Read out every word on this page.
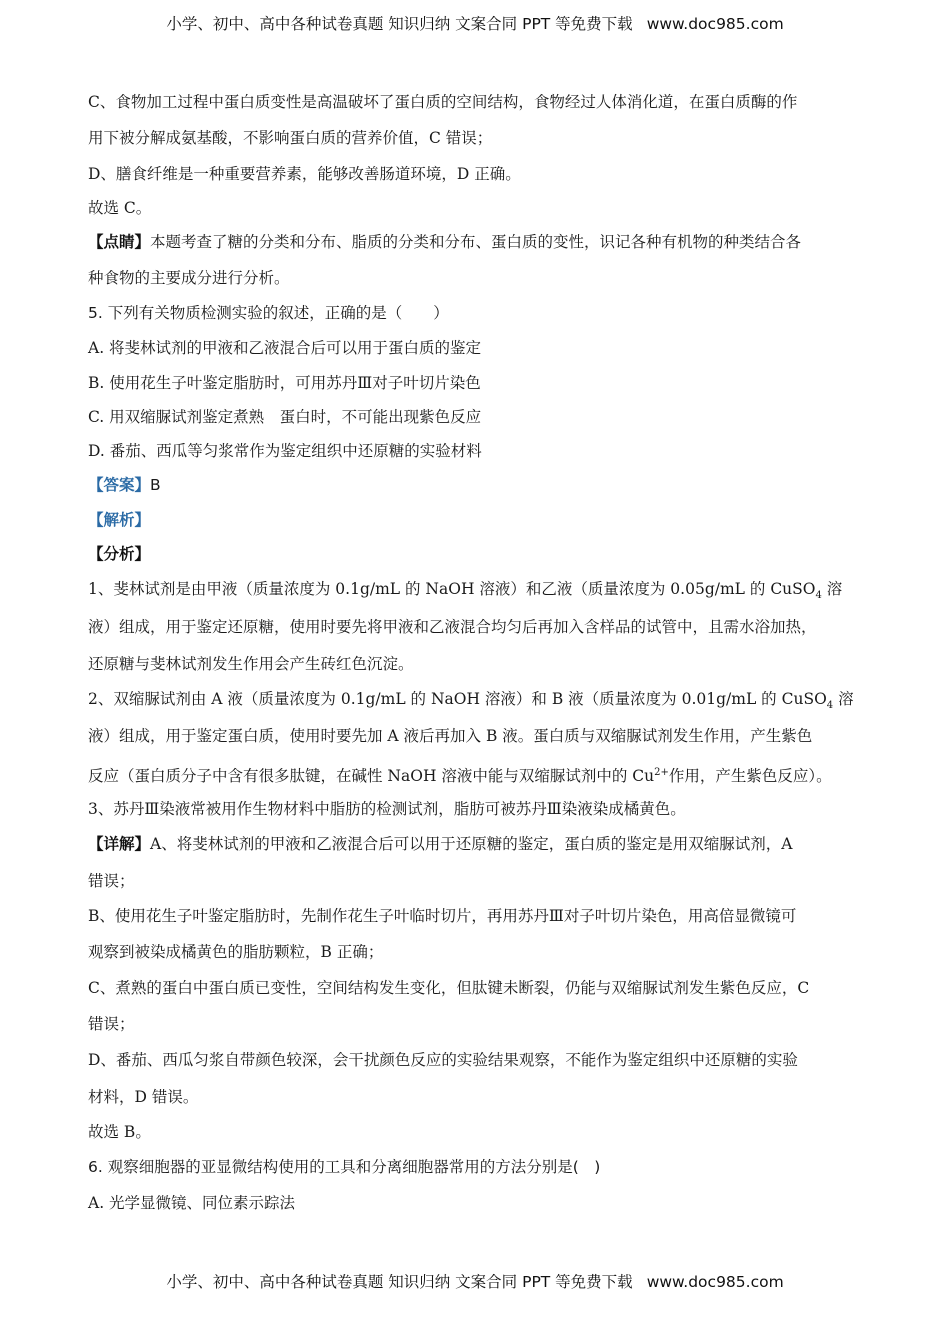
小学、初中、高中各种试卷真题 知识归纳 文案合同 PPT 等免费下载 www.doc985.com
C、食物加工过程中蛋白质变性是高温破坏了蛋白质的空间结构，食物经过人体消化道，在蛋白质酶的作
用下被分解成氨基酸，不影响蛋白质的营养价值，C 错误；
D、膳食纤维是一种重要营养素，能够改善肠道环境，D 正确。
故选 C。
【点睛】本题考查了糖的分类和分布、脂质的分类和分布、蛋白质的变性，识记各种有机物的种类结合各
种食物的主要成分进行分析。
5. 下列有关物质检测实验的叙述，正确的是（　　）
A. 将斐林试剂的甲液和乙液混合后可以用于蛋白质的鉴定
B. 使用花生子叶鉴定脂肪时，可用苏丹Ⅲ对子叶切片染色
C. 用双缩脲试剂鉴定煮熟　蛋白时，不可能出现紫色反应
D. 番茄、西瓜等匀浆常作为鉴定组织中还原糖的实验材料
【答案】B
【解析】
【分析】
1、斐林试剂是由甲液（质量浓度为 0.1g/mL 的 NaOH 溶液）和乙液（质量浓度为 0.05g/mL 的 CuSO$_4$ 溶
液）组成，用于鉴定还原糖，使用时要先将甲液和乙液混合均匀后再加入含样品的试管中，且需水浴加热，
还原糖与斐林试剂发生作用会产生砖红色沉淀。
2、双缩脲试剂由 A 液（质量浓度为 0.1g/mL 的 NaOH 溶液）和 B 液（质量浓度为 0.01g/mL 的 CuSO$_4$ 溶
液）组成，用于鉴定蛋白质，使用时要先加 A 液后再加入 B 液。蛋白质与双缩脲试剂发生作用，产生紫色
反应（蛋白质分子中含有很多肽键，在碱性 NaOH 溶液中能与双缩脲试剂中的 $Cu^{2+}$作用，产生紫色反应）。
3、苏丹Ⅲ染液常被用作生物材料中脂肪的检测试剂，脂肪可被苏丹Ⅲ染液染成橘黄色。
【详解】A、将斐林试剂的甲液和乙液混合后可以用于还原糖的鉴定，蛋白质的鉴定是用双缩脲试剂，A
错误；
B、使用花生子叶鉴定脂肪时，先制作花生子叶临时切片，再用苏丹Ⅲ对子叶切片染色，用高倍显微镜可
观察到被染成橘黄色的脂肪颗粒，B 正确；
C、煮熟的蛋白中蛋白质已变性，空间结构发生变化，但肽键未断裂，仍能与双缩脲试剂发生紫色反应，C
错误；
D、番茄、西瓜匀浆自带颜色较深，会干扰颜色反应的实验结果观察，不能作为鉴定组织中还原糖的实验
材料，D 错误。
故选 B。
6. 观察细胞器的亚显微结构使用的工具和分离细胞器常用的方法分别是(　)
A. 光学显微镜、同位素示踪法
小学、初中、高中各种试卷真题 知识归纳 文案合同 PPT 等免费下载 www.doc985.com
